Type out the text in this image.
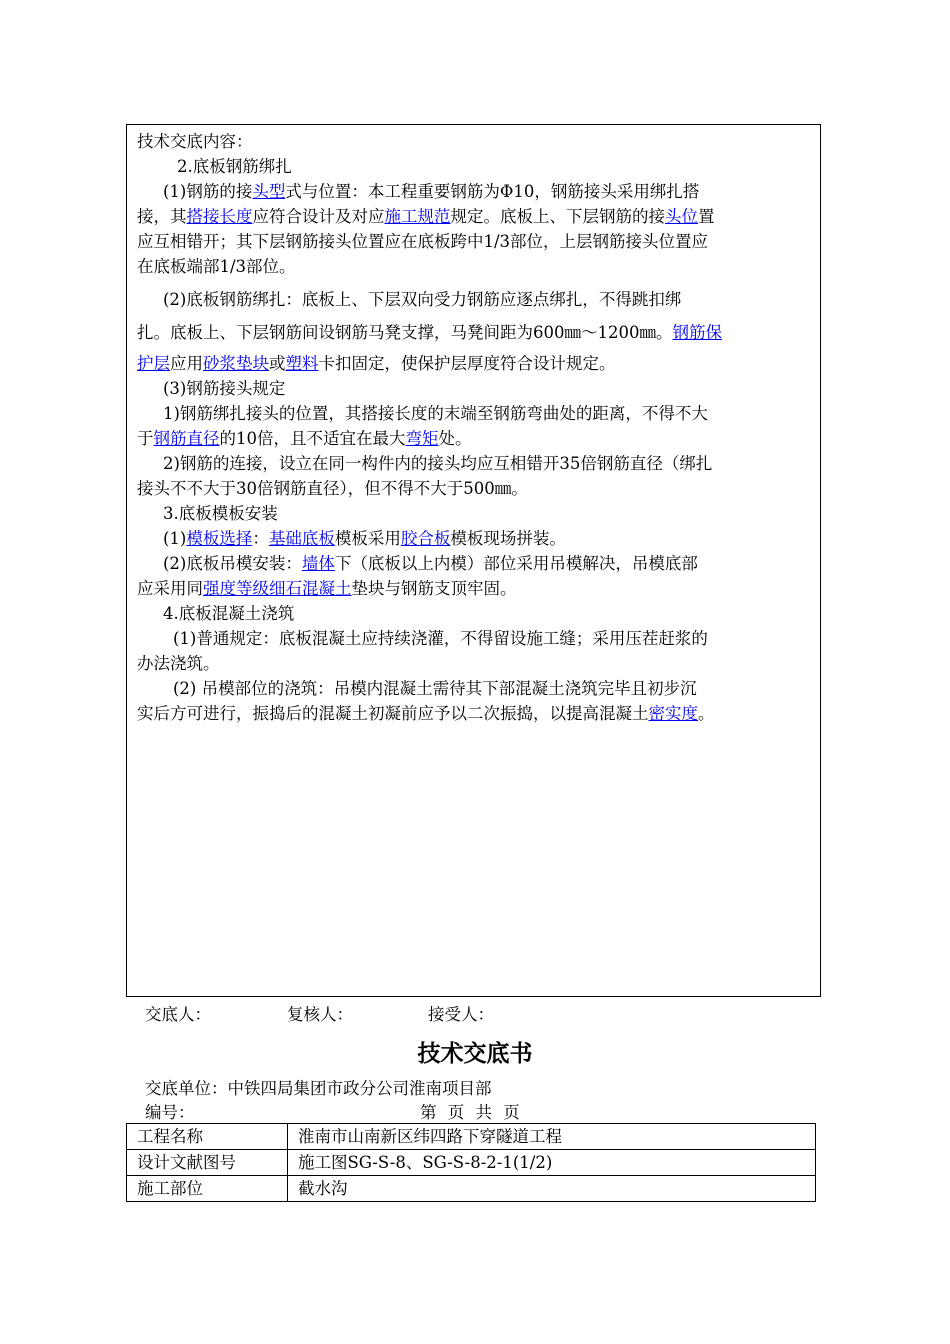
技术交底内容：
2.底板钢筋绑扎
(1)钢筋的接头型式与位置：本工程重要钢筋为Φ10，钢筋接头采用绑扎搭
接，其搭接长度应符合设计及对应施工规范规定。底板上、下层钢筋的接头位置
应互相错开；其下层钢筋接头位置应在底板跨中1/3部位，上层钢筋接头位置应
在底板端部1/3部位。
(2)底板钢筋绑扎：底板上、下层双向受力钢筋应逐点绑扎，不得跳扣绑
扎。底板上、下层钢筋间设钢筋马凳支撑，马凳间距为600㎜～1200㎜。钢筋保
护层应用砂浆垫块或塑料卡扣固定，使保护层厚度符合设计规定。
(3)钢筋接头规定
1)钢筋绑扎接头的位置，其搭接长度的末端至钢筋弯曲处的距离，不得不大
于钢筋直径的10倍，且不适宜在最大弯矩处。
2)钢筋的连接，设立在同一构件内的接头均应互相错开35倍钢筋直径（绑扎
接头不不大于30倍钢筋直径），但不得不大于500㎜。
3.底板模板安装
(1)模板选择：基础底板模板采用胶合板模板现场拼装。
(2)底板吊模安装：墙体下（底板以上内模）部位采用吊模解决，吊模底部
应采用同强度等级细石混凝土垫块与钢筋支顶牢固。
4.底板混凝土浇筑
(1)普通规定：底板混凝土应持续浇灌，不得留设施工缝；采用压茬赶浆的
办法浇筑。
(2) 吊模部位的浇筑：吊模内混凝土需待其下部混凝土浇筑完毕且初步沉
实后方可进行，振捣后的混凝土初凝前应予以二次振捣，以提高混凝土密实度。
交底人：	复核人：	接受人：
技术交底书
交底单位：中铁四局集团市政分公司淮南项目部
编号：	第 页 共 页
工程名称	淮南市山南新区纬四路下穿隧道工程
设计文献图号	施工图SG-S-8、SG-S-8-2-1(1/2)
施工部位	截水沟
